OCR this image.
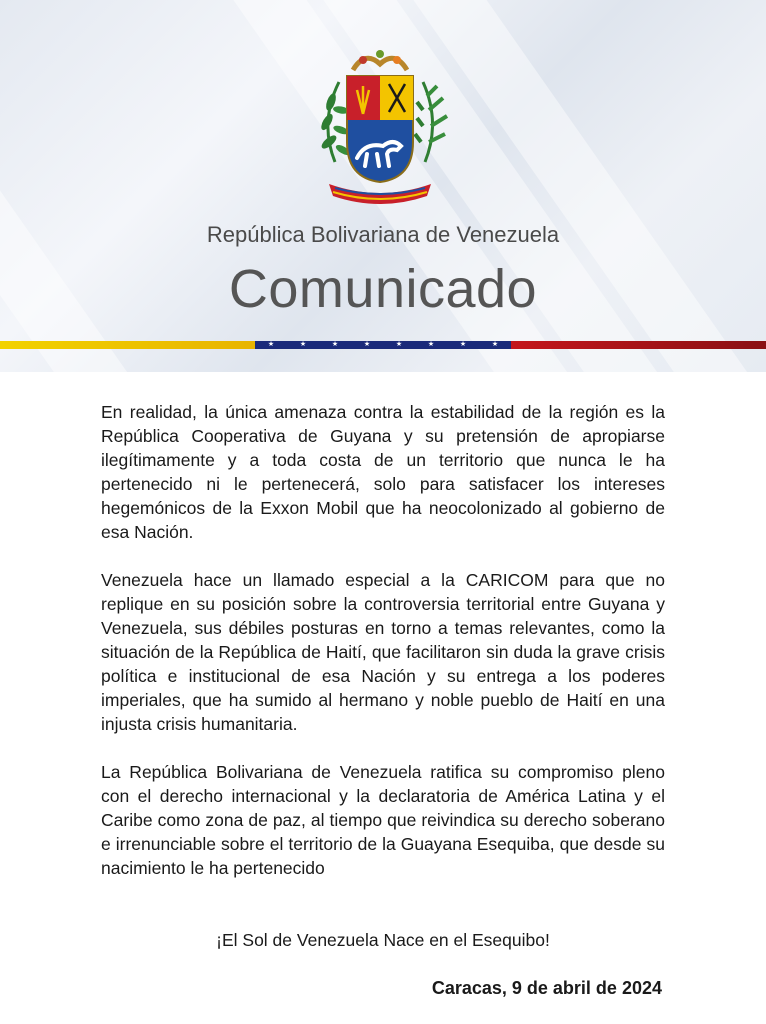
República Bolivariana de Venezuela
Comunicado
★	★	★	★	★	★	★	★

En realidad, la única amenaza contra la estabilidad de la región es la República Cooperativa de Guyana y su pretensión de apropiarse ilegítimamente y a toda costa de un territorio que nunca le ha pertenecido ni le pertenecerá, solo para satisfacer los intereses hegemónicos de la Exxon Mobil que ha neocolonizado al gobierno de esa Nación.

Venezuela hace un llamado especial a la CARICOM para que no replique en su posición sobre la controversia territorial entre Guyana y Venezuela, sus débiles posturas en torno a temas relevantes, como la situación de la República de Haití, que facilitaron sin duda la grave crisis política e institucional de esa Nación y su entrega a los poderes imperiales, que ha sumido al hermano y noble pueblo de Haití en una injusta crisis humanitaria.

La República Bolivariana de Venezuela ratifica su compromiso pleno con el derecho internacional y la declaratoria de América Latina y el Caribe como zona de paz, al tiempo que reivindica su derecho soberano e irrenunciable sobre el territorio de la Guayana Esequiba, que desde su nacimiento le ha pertenecido

¡El Sol de Venezuela Nace en el Esequibo!
Caracas, 9 de abril de 2024
